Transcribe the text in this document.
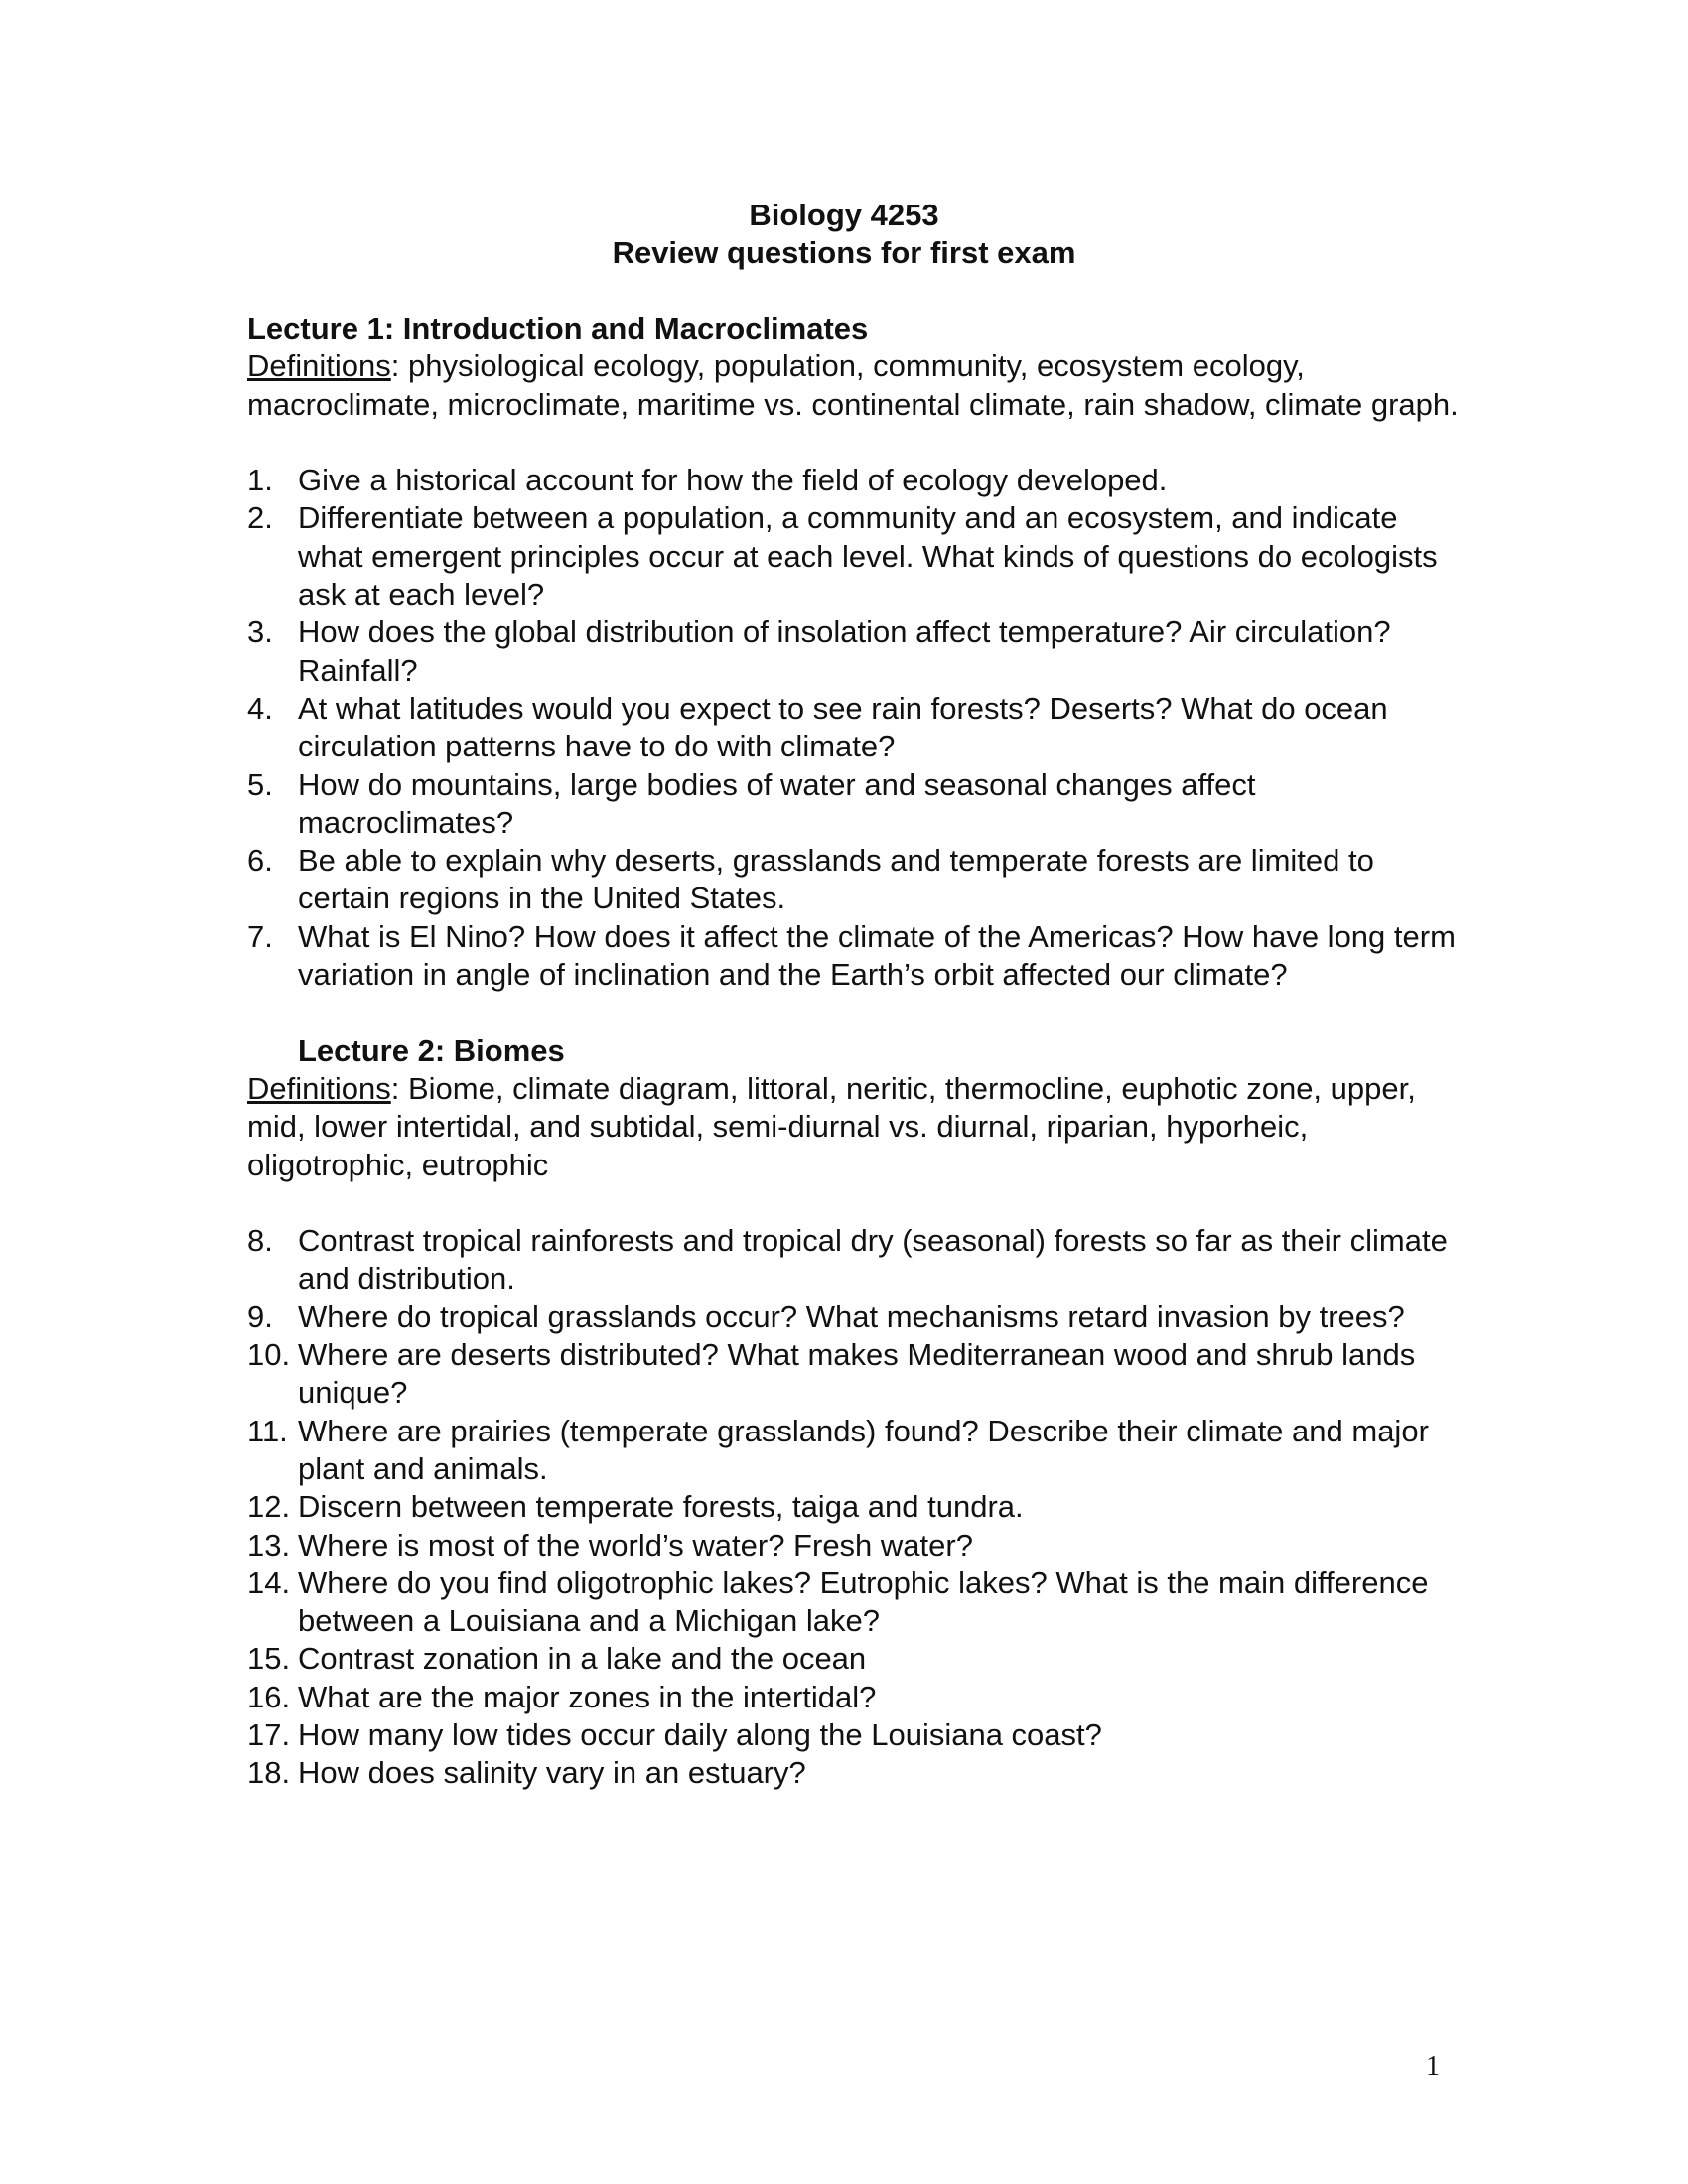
Biology 4253
Review questions for first exam
Lecture 1: Introduction and Macroclimates
Definitions: physiological ecology, population, community, ecosystem ecology, macroclimate, microclimate, maritime vs. continental climate, rain shadow, climate graph.
1. Give a historical account for how the field of ecology developed.
2. Differentiate between a population, a community and an ecosystem, and indicate what emergent principles occur at each level. What kinds of questions do ecologists ask at each level?
3. How does the global distribution of insolation affect temperature? Air circulation? Rainfall?
4. At what latitudes would you expect to see rain forests? Deserts? What do ocean circulation patterns have to do with climate?
5. How do mountains, large bodies of water and seasonal changes affect macroclimates?
6. Be able to explain why deserts, grasslands and temperate forests are limited to certain regions in the United States.
7. What is El Nino? How does it affect the climate of the Americas? How have long term variation in angle of inclination and the Earth’s orbit affected our climate?
Lecture 2: Biomes
Definitions: Biome, climate diagram, littoral, neritic, thermocline, euphotic zone, upper, mid, lower intertidal, and subtidal, semi-diurnal vs. diurnal, riparian, hyporheic, oligotrophic, eutrophic
8. Contrast tropical rainforests and tropical dry (seasonal) forests so far as their climate and distribution.
9. Where do tropical grasslands occur? What mechanisms retard invasion by trees?
10. Where are deserts distributed? What makes Mediterranean wood and shrub lands unique?
11. Where are prairies (temperate grasslands) found? Describe their climate and major plant and animals.
12. Discern between temperate forests, taiga and tundra.
13. Where is most of the world’s water? Fresh water?
14. Where do you find oligotrophic lakes? Eutrophic lakes? What is the main difference between a Louisiana and a Michigan lake?
15. Contrast zonation in a lake and the ocean
16. What are the major zones in the intertidal?
17. How many low tides occur daily along the Louisiana coast?
18. How does salinity vary in an estuary?
1
